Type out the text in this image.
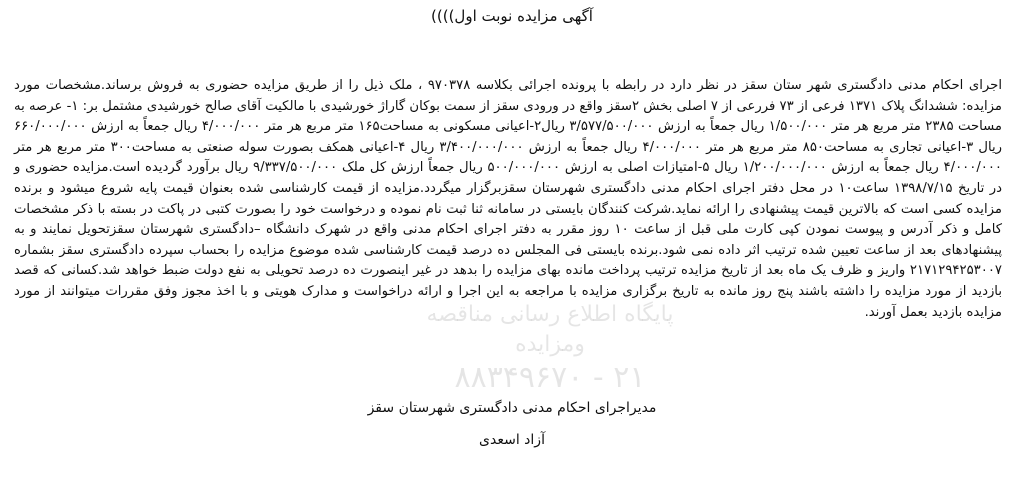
آگهی مزایده نوبت اول))))
پایگاه اطلاع رسانی مناقصه ومزایده
۲۱ - ۸۸۳۴۹۶۷۰
اجرای احکام مدنی دادگستری شهر ستان سقز در نظر دارد در رابطه با پرونده اجرائی بکلاسه ۹۷۰۳۷۸ ، ملک ذیل را از طریق مزایده حضوری به فروش برساند.مشخصات مورد مزایده: ششدانگ پلاک ۱۳۷۱ فرعی از ۷۳ فررعی از ۷ اصلی بخش ۲سقز واقع در ورودی سقز از سمت بوکان گاراژ خورشیدی با مالکیت آقای صالح خورشیدی مشتمل بر: ۱- عرصه به مساحت ۲۳۸۵ متر مربع هر متر ۱/۵۰۰/۰۰۰ ریال جمعاً به ارزش ۳/۵۷۷/۵۰۰/۰۰۰ ریال۲-اعیانی مسکونی به مساحت۱۶۵ متر مربع هر متر ۴/۰۰۰/۰۰۰ ریال جمعاً به ارزش ۶۶۰/۰۰۰/۰۰۰ ریال ۳-اعیانی تجاری به مساحت۸۵۰ متر مربع هر متر ۴/۰۰۰/۰۰۰ ریال جمعاً به ارزش ۳/۴۰۰/۰۰۰/۰۰۰ ریال ۴-اعیانی همکف بصورت سوله صنعتی به مساحت۳۰۰ متر مربع هر متر ۴/۰۰۰/۰۰۰ ریال جمعاً به ارزش ۱/۲۰۰/۰۰۰/۰۰۰ ریال ۵-امتیازات اصلی به ارزش ۵۰۰/۰۰۰/۰۰۰ ریال جمعاً ارزش کل ملک ۹/۳۳۷/۵۰۰/۰۰۰ ریال برآورد گردیده است.مزایده حضوری و در تاریخ ۱۳۹۸/۷/۱۵ ساعت۱۰ در محل دفتر اجرای احکام مدنی دادگستری شهرستان سقزبرگزار میگردد.مزایده از قیمت کارشناسی شده بعنوان قیمت پایه شروع میشود و برنده مزایده کسی است که بالاترین قیمت پیشنهادی را ارائه نماید.شرکت کنندگان بایستی در سامانه ثنا ثبت نام نموده و درخواست خود را بصورت کتبی در پاکت در بسته با ذکر مشخصات کامل و ذکر آدرس و پیوست نمودن کپی کارت ملی قبل از ساعت ۱۰ روز مقرر به دفتر اجرای احکام مدنی واقع در شهرک دانشگاه –دادگستری شهرستان سقزتحویل نمایند و به پیشنهادهای بعد از ساعت تعیین شده ترتیب اثر داده نمی شود.برنده بایستی فی المجلس ده درصد قیمت کارشناسی شده موضوع مزایده را بحساب سپرده دادگستری سقز بشماره ۲۱۷۱۲۹۴۲۵۳۰۰۷ واریز و ظرف یک ماه بعد از تاریخ مزایده ترتیب پرداخت مانده بهای مزایده را بدهد در غیر اینصورت ده درصد تحویلی به نفع دولت ضبط خواهد شد.کسانی که قصد بازدید از مورد مزایده را داشته باشند پنج روز مانده به تاریخ برگزاری مزایده با مراجعه به این اجرا و ارائه دراخواست و مدارک هویتی و با اخذ مجوز وفق مقررات میتوانند از مورد مزایده بازدید بعمل آورند.
مدیراجرای احکام مدنی دادگستری شهرستان سقز
آزاد اسعدی
